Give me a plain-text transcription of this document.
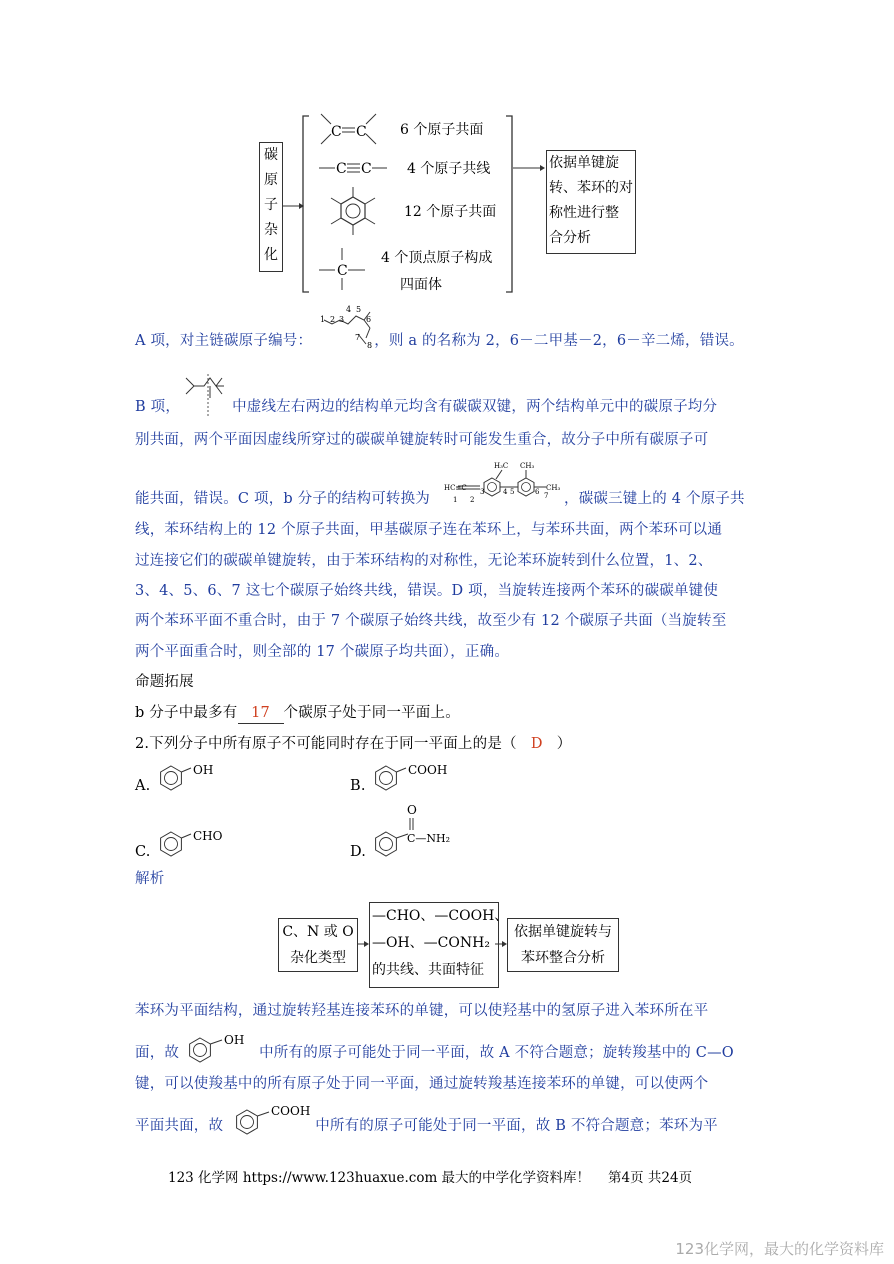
碳
原
子
杂
化
C C
C C
C
6 个原子共面
4 个原子共线
12 个原子共面
4 个顶点原子构成
四面体
依据单键旋
转、苯环的对
称性进行整
合分析
A 项，对主链碳原子编号：	，则 a 的名称为 2，6－二甲基－2，6－辛二烯，错误。
1 2 3
4 5
6
7
8
B 项，	中虚线左右两边的结构单元均含有碳碳双键，两个结构单元中的碳原子均分
别共面，两个平面因虚线所穿过的碳碳单键旋转时可能发生重合，故分子中所有碳原子可
能共面，错误。C 项，b 分子的结构可转换为	，碳碳三键上的 4 个原子共
HC≡C
H₃C CH₃
CH₃
1 2
3	4 5	6 7
线，苯环结构上的 12 个原子共面，甲基碳原子连在苯环上，与苯环共面，两个苯环可以通
过连接它们的碳碳单键旋转，由于苯环结构的对称性，无论苯环旋转到什么位置，1、2、
3、4、5、6、7 这七个碳原子始终共线，错误。D 项，当旋转连接两个苯环的碳碳单键使
两个苯环平面不重合时，由于 7 个碳原子始终共线，故至少有 12 个碳原子共面（当旋转至
两个平面重合时，则全部的 17 个碳原子均共面），正确。
命题拓展
b 分子中最多有 17 个碳原子处于同一平面上。
2.下列分子中所有原子不可能同时存在于同一平面上的是（ D ）
A.
OH
B.
COOH
C.
CHO
D.
O
C—NH₂
解析
C、N 或 O
杂化类型
—CHO、—COOH、
—OH、—CONH₂
的共线、共面特征
依据单键旋转与
苯环整合分析
苯环为平面结构，通过旋转羟基连接苯环的单键，可以使羟基中的氢原子进入苯环所在平
面，故	中所有的原子可能处于同一平面，故 A 不符合题意；旋转羧基中的 C—O
OH
键，可以使羧基中的所有原子处于同一平面，通过旋转羧基连接苯环的单键，可以使两个
平面共面，故	中所有的原子可能处于同一平面，故 B 不符合题意；苯环为平
COOH
123 化学网 https://www.123huaxue.com 最大的中学化学资料库！ 第4页 共24页
123化学网，最大的化学资料库
